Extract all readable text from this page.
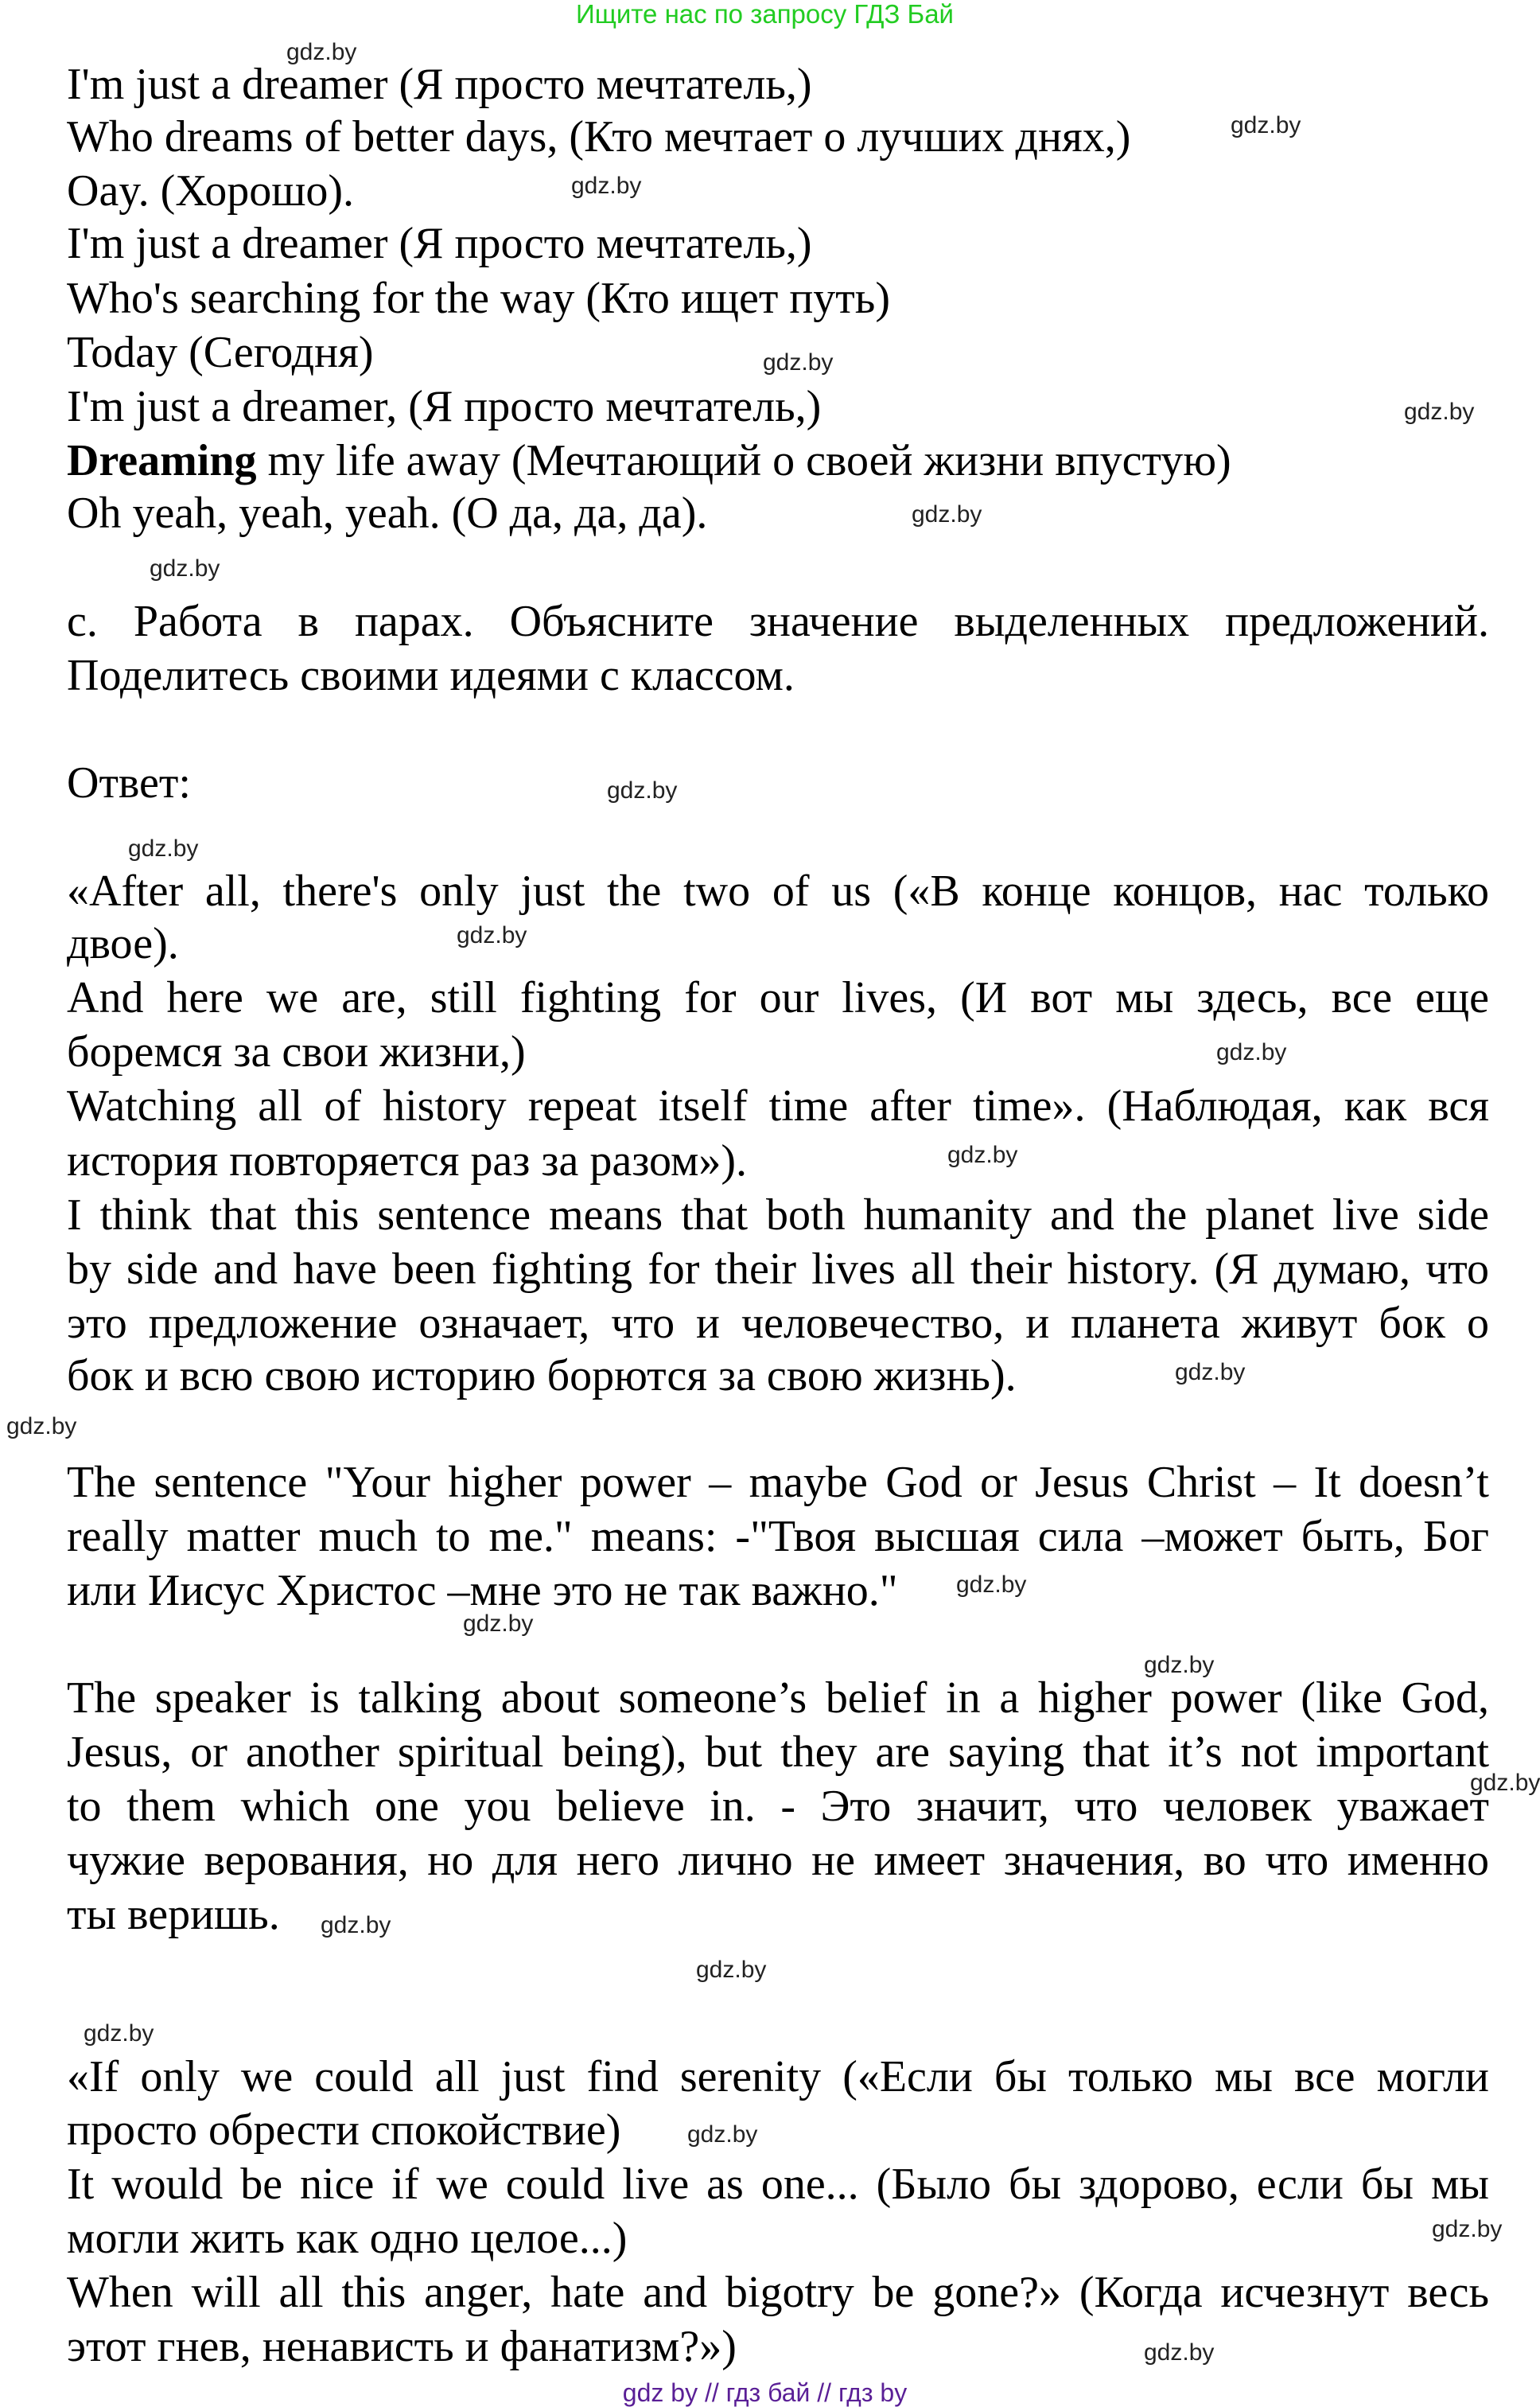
Ищите нас по запросу ГДЗ Бай
I'm just a dreamer (Я просто мечтатель,)
Who dreams of better days, (Кто мечтает о лучших днях,)
Oay. (Хорошо).
I'm just a dreamer (Я просто мечтатель,)
Who's searching for the way (Кто ищет путь)
Today (Сегодня)
I'm just a dreamer, (Я просто мечтатель,)
Dreaming my life away (Мечтающий о своей жизни впустую)
Oh yeah, yeah, yeah. (О да, да, да).
c. Работа в парах. Объясните значение выделенных предложений.
Поделитесь своими идеями с классом.
Ответ:
«After all, there's only just the two of us («В конце концов, нас только
двое).
And here we are, still fighting for our lives, (И вот мы здесь, все еще
боремся за свои жизни,)
Watching all of history repeat itself time after time». (Наблюдая, как вся
история повторяется раз за разом»).
I think that this sentence means that both humanity and the planet live side
by side and have been fighting for their lives all their history. (Я думаю, что
это предложение означает, что и человечество, и планета живут бок о
бок и всю свою историю борются за свою жизнь).
The sentence "Your higher power – maybe God or Jesus Christ – It doesn’t
really matter much to me." means: -"Твоя высшая сила –может быть, Бог
или Иисус Христос –мне это не так важно."
The speaker is talking about someone’s belief in a higher power (like God,
Jesus, or another spiritual being), but they are saying that it’s not important
to them which one you believe in. - Это значит, что человек уважает
чужие верования, но для него лично не имеет значения, во что именно
ты веришь.
«If only we could all just find serenity («Если бы только мы все могли
просто обрести спокойствие)
It would be nice if we could live as one... (Было бы здорово, если бы мы
могли жить как одно целое...)
When will all this anger, hate and bigotry be gone?» (Когда исчезнут весь
этот гнев, ненависть и фанатизм?»)
gdz.by
gdz.by
gdz.by
gdz.by
gdz.by
gdz.by
gdz.by
gdz.by
gdz.by
gdz.by
gdz.by
gdz.by
gdz.by
gdz.by
gdz.by
gdz.by
gdz.by
gdz.by
gdz.by
gdz.by
gdz.by
gdz.by
gdz.by
gdz.by
gdz by // гдз бай // гдз by
